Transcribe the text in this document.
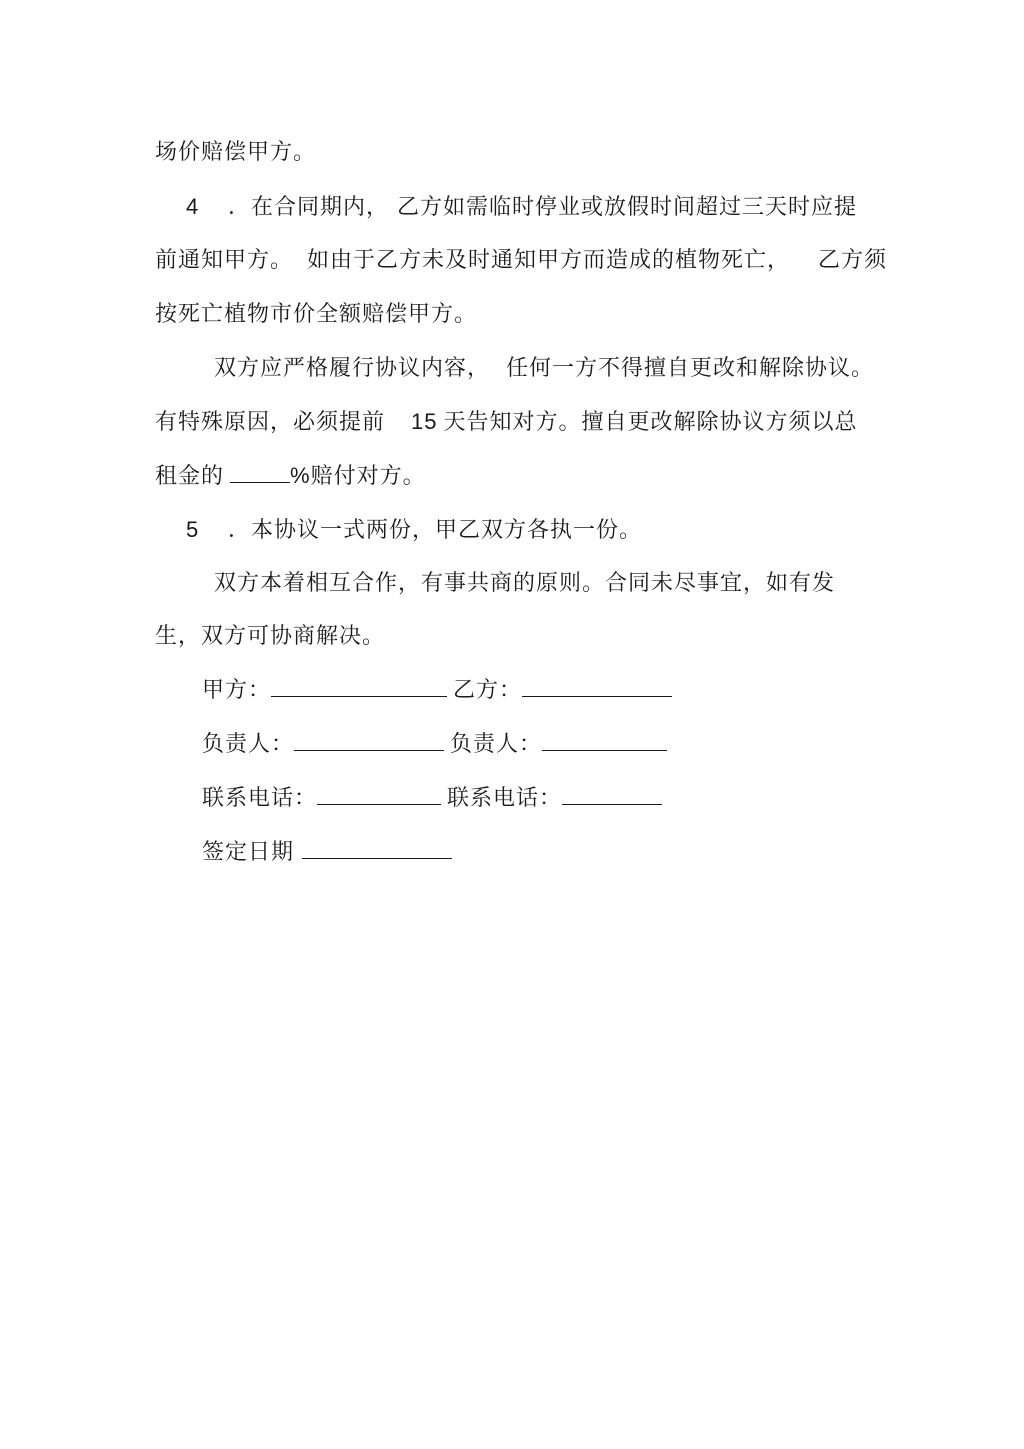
场价赔偿甲方。
4 ．在合同期内， 乙方如需临时停业或放假时间超过三天时应提
前通知甲方。 如由于乙方未及时通知甲方而造成的植物死亡， 乙方须
按死亡植物市价全额赔偿甲方。
双方应严格履行协议内容， 任何一方不得擅自更改和解除协议。
有特殊原因，必须提前 15 天告知对方。擅自更改解除协议方须以总
租金的	%赔付对方。
5 ．本协议一式两份，甲乙双方各执一份。
双方本着相互合作，有事共商的原则。合同未尽事宜，如有发
生，双方可协商解决。
甲方：	乙方：
负责人：	负责人：
联系电话：	联系电话：
签定日期
